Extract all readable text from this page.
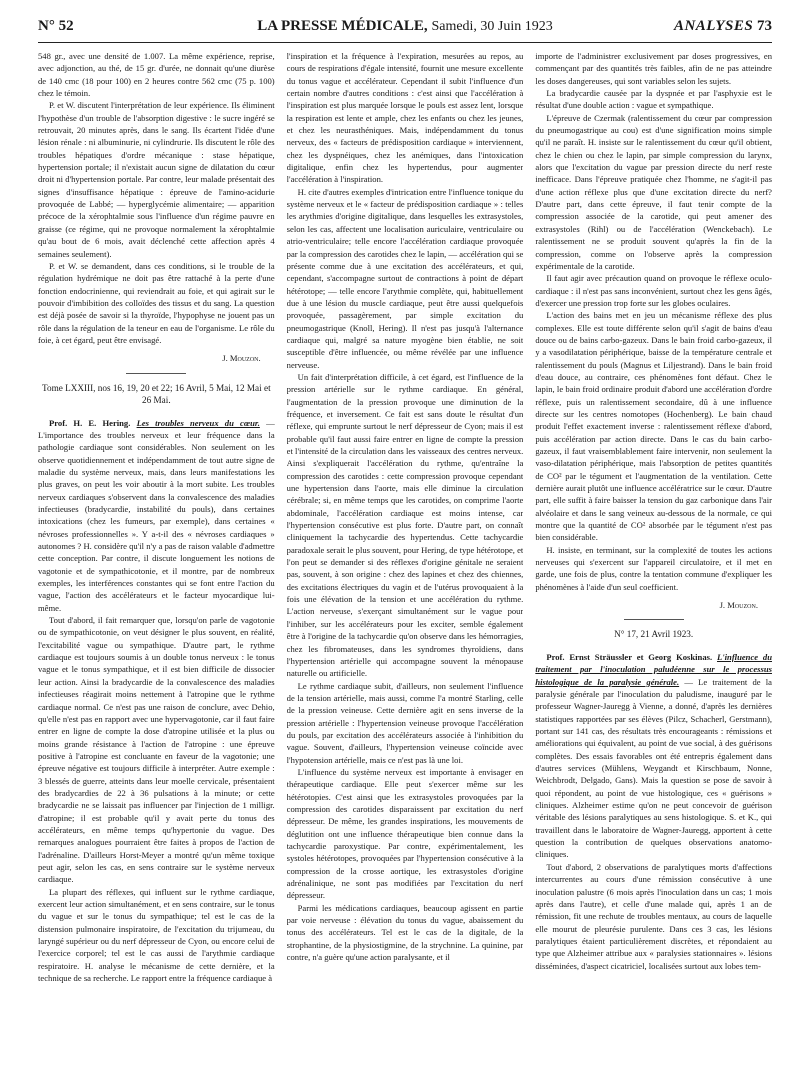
N° 52	LA PRESSE MÉDICALE, Samedi, 30 Juin 1923	ANALYSES 73

548 gr., avec une densité de 1.007. La même expérience, reprise, avec adjonction, au thé, de 15 gr. d'urée, ne donnait qu'une diurèse de 140 cmc (18 pour 100) en 2 heures contre 562 cmc (75 p. 100) chez le témoin.

P. et W. discutent l'interprétation de leur expérience. Ils éliminent l'hypothèse d'un trouble de l'absorption digestive : le sucre ingéré se retrouvait, 20 minutes après, dans le sang. Ils écartent l'idée d'une lésion rénale : ni albuminurie, ni cylindrurie. Ils discutent le rôle des troubles hépatiques d'ordre mécanique : stase hépatique, hypertension portale; il n'existait aucun signe de dilatation du cœur droit ni d'hypertension portale. Par contre, leur malade présentait des signes d'insuffisance hépatique : épreuve de l'amino-acidurie provoquée de Labbé; — hyperglycémie alimentaire; — apparition précoce de la xérophtalmie sous l'influence d'un régime pauvre en graisse (ce régime, qui ne provoque normalement la xérophtalmie qu'au bout de 6 mois, avait déclenché cette affection après 4 semaines seulement).

P. et W. se demandent, dans ces conditions, si le trouble de la régulation hydrémique ne doit pas être rattaché à la perte d'une fonction endocrinienne, qui reviendrait au foie, et qui agirait sur le pouvoir d'imbibition des colloïdes des tissus et du sang. La question est déjà posée de savoir si la thyroïde, l'hypophyse ne jouent pas un rôle dans la régulation de la teneur en eau de l'organisme. Le rôle du foie, à cet égard, peut être envisagé.

J. Mouzon.

Tome LXXIII, nos 16, 19, 20 et 22; 16 Avril, 5 Mai, 12 Mai et 26 Mai.

Prof. H. E. Hering. Les troubles nerveux du cœur. — L'importance des troubles nerveux et leur fréquence dans la pathologie cardiaque sont considérables. Non seulement on les observe quotidiennement et indépendamment de tout autre signe de maladie du système nerveux, mais, dans leurs manifestations les plus graves, on peut les voir aboutir à la mort subite. Les troubles nerveux cardiaques s'observent dans la convalescence des maladies infectieuses (bradycardie, instabilité du pouls), dans certaines intoxications (chez les fumeurs, par exemple), dans certaines « névroses professionnelles ». Y a-t-il des « névroses cardiaques » autonomes ? H. considère qu'il n'y a pas de raison valable d'admettre cette conception. Par contre, il discute longuement les notions de vagotonie et de sympathicotonie, et il montre, par de nombreux exemples, les interférences constantes qui se font entre l'action du vague, l'action des accélérateurs et le facteur myocardique lui-même.

Tout d'abord, il fait remarquer que, lorsqu'on parle de vagotonie ou de sympathicotonie, on veut désigner le plus souvent, en réalité, l'excitabilité vague ou sympathique. D'autre part, le rythme cardiaque est toujours soumis à un double tonus nerveux : le tonus vague et le tonus sympathique, et il est bien difficile de dissocier leur action. Ainsi la bradycardie de la convalescence des maladies infectieuses réagirait moins nettement à l'atropine que le rythme cardiaque normal. Ce n'est pas une raison de conclure, avec Dehio, qu'elle n'est pas en rapport avec une hypervagotonie, car il faut faire entrer en ligne de compte la dose d'atropine utilisée et la plus ou moins grande résistance à l'action de l'atropine : une épreuve positive à l'atropine est concluante en faveur de la vagotonie; une épreuve négative est toujours difficile à interpréter. Autre exemple : 3 blessés de guerre, atteints dans leur moelle cervicale, présentaient des bradycardies de 22 à 36 pulsations à la minute; or cette bradycardie ne se laissait pas influencer par l'injection de 1 milligr. d'atropine; il est probable qu'il y avait perte du tonus des accélérateurs, en même temps qu'hypertonie du vague. Des remarques analogues pourraient être faites à propos de l'action de l'adrénaline. D'ailleurs Horst-Meyer a montré qu'un même toxique peut agir, selon les cas, en sens contraire sur le système nerveux cardiaque.

La plupart des réflexes, qui influent sur le rythme cardiaque, exercent leur action simultanément, et en sens contraire, sur le tonus du vague et sur le tonus du sympathique; tel est le cas de la distension pulmonaire inspiratoire, de l'excitation du trijumeau, du laryngé supérieur ou du nerf dépresseur de Cyon, ou encore celui de l'exercice corporel; tel est le cas aussi de l'arythmie cardiaque respiratoire. H. analyse le mécanisme de cette dernière, et la technique de sa recherche. Le rapport entre la fréquence cardiaque à

l'inspiration et la fréquence à l'expiration, mesurées au repos, au cours de respirations d'égale intensité, fournit une mesure excellente du tonus vague et accélérateur. Cependant il subit l'influence d'un certain nombre d'autres conditions : c'est ainsi que l'accélération à l'inspiration est plus marquée lorsque le pouls est assez lent, lorsque la respiration est lente et ample, chez les enfants ou chez les jeunes, et chez les neurasthéniques. Mais, indépendamment du tonus nerveux, des « facteurs de prédisposition cardiaque » interviennent, chez les dyspnéiques, chez les anémiques, dans l'intoxication digitalique, enfin chez les hypertendus, pour augmenter l'accélération à l'inspiration.

H. cite d'autres exemples d'intrication entre l'influence tonique du système nerveux et le « facteur de prédisposition cardiaque » : telles les arythmies d'origine digitalique, dans lesquelles les extrasystoles, selon les cas, affectent une localisation auriculaire, ventriculaire ou atrio-ventriculaire; telle encore l'accélération cardiaque provoquée par la compression des carotides chez le lapin, — accélération qui se présente comme due à une excitation des accélérateurs, et qui, cependant, s'accompagne surtout de contractions à point de départ hétérotope; — telle encore l'arythmie complète, qui, habituellement due à une lésion du muscle cardiaque, peut être aussi quelquefois provoquée, passagèrement, par simple excitation du pneumogastrique (Knoll, Hering). Il n'est pas jusqu'à l'alternance cardiaque qui, malgré sa nature myogène bien établie, ne soit susceptible d'être influencée, ou même révélée par une influence nerveuse.

Un fait d'interprétation difficile, à cet égard, est l'influence de la pression artérielle sur le rythme cardiaque. En général, l'augmentation de la pression provoque une diminution de la fréquence, et inversement. Ce fait est sans doute le résultat d'un réflexe, qui emprunte surtout le nerf dépresseur de Cyon; mais il est probable qu'il faut aussi faire entrer en ligne de compte la pression et l'intensité de la circulation dans les vaisseaux des centres nerveux. Ainsi s'expliquerait l'accélération du rythme, qu'entraîne la compression des carotides : cette compression provoque cependant une hypertension dans l'aorte, mais elle diminue la circulation cérébrale; si, en même temps que les carotides, on comprime l'aorte abdominale, l'accélération cardiaque est moins intense, car l'hypertension consécutive est plus forte. D'autre part, on connaît cliniquement la tachycardie des hypertendus. Cette tachycardie paradoxale serait le plus souvent, pour Hering, de type hétérotope, et l'on peut se demander si des réflexes d'origine génitale ne seraient pas, souvent, à son origine : chez des lapines et chez des chiennes, des excitations électriques du vagin et de l'utérus provoquaient à la fois une élévation de la tension et une accélération du rythme. L'action nerveuse, s'exerçant simultanément sur le vague pour l'inhiber, sur les accélérateurs pour les exciter, semble également être à l'origine de la tachycardie qu'on observe dans les hémorragies, chez les fibromateuses, dans les syndromes thyroïdiens, dans l'hypertension artérielle qui accompagne souvent la ménopause naturelle ou artificielle.

Le rythme cardiaque subit, d'ailleurs, non seulement l'influence de la tension artérielle, mais aussi, comme l'a montré Starling, celle de la pression veineuse. Cette dernière agit en sens inverse de la pression artérielle : l'hypertension veineuse provoque l'accélération du pouls, par excitation des accélérateurs associée à l'inhibition du vague. Souvent, d'ailleurs, l'hypertension veineuse coïncide avec l'hypotension artérielle, mais ce n'est pas là une loi.

L'influence du système nerveux est importante à envisager en thérapeutique cardiaque. Elle peut s'exercer même sur les hétérotopies. C'est ainsi que les extrasystoles provoquées par la compression des carotides disparaissent par excitation du nerf dépresseur. De même, les grandes inspirations, les mouvements de déglutition ont une influence thérapeutique bien connue dans la tachycardie paroxystique. Par contre, expérimentalement, les systoles hétérotopes, provoquées par l'hypertension consécutive à la compression de la crosse aortique, les extrasystoles d'origine adrénalinique, ne sont pas modifiées par l'excitation du nerf dépresseur.

Parmi les médications cardiaques, beaucoup agissent en partie par voie nerveuse : élévation du tonus du vague, abaissement du tonus des accélérateurs. Tel est le cas de la digitale, de la strophantine, de la physiostigmine, de la strychnine. La quinine, par contre, n'a guère qu'une action paralysante, et il

importe de l'administrer exclusivement par doses progressives, en commençant par des quantités très faibles, afin de ne pas atteindre les doses dangereuses, qui sont variables selon les sujets.

La bradycardie causée par la dyspnée et par l'asphyxie est le résultat d'une double action : vague et sympathique.

L'épreuve de Czermak (ralentissement du cœur par compression du pneumogastrique au cou) est d'une signification moins simple qu'il ne paraît. H. insiste sur le ralentissement du cœur qu'il obtient, chez le chien ou chez le lapin, par simple compression du larynx, alors que l'excitation du vague par pression directe du nerf reste inefficace. Dans l'épreuve pratiquée chez l'homme, ne s'agit-il pas d'une action réflexe plus que d'une excitation directe du nerf? D'autre part, dans cette épreuve, il faut tenir compte de la compression associée de la carotide, qui peut amener des extrasystoles (Rihl) ou de l'accélération (Wenckebach). Le ralentissement ne se produit souvent qu'après la fin de la compression, comme on l'observe après la compression expérimentale de la carotide.

Il faut agir avec précaution quand on provoque le réflexe oculo-cardiaque : il n'est pas sans inconvénient, surtout chez les gens âgés, d'exercer une pression trop forte sur les globes oculaires.

L'action des bains met en jeu un mécanisme réflexe des plus complexes. Elle est toute différente selon qu'il s'agit de bains d'eau douce ou de bains carbo-gazeux. Dans le bain froid carbo-gazeux, il y a vasodilatation périphérique, baisse de la température centrale et ralentissement du pouls (Magnus et Liljestrand). Dans le bain froid d'eau douce, au contraire, ces phénomènes font défaut. Chez le lapin, le bain froid ordinaire produit d'abord une accélération d'ordre réflexe, puis un ralentissement secondaire, dû à une influence directe sur les centres nomotopes (Hochenberg). Le bain chaud produit l'effet exactement inverse : ralentissement réflexe d'abord, puis accélération par action directe. Dans le cas du bain carbo-gazeux, il faut vraisemblablement faire intervenir, non seulement la vaso-dilatation périphérique, mais l'absorption de petites quantités de CO² par le tégument et l'augmentation de la ventilation. Cette dernière aurait plutôt une influence accélératrice sur le cœur. D'autre part, elle suffit à faire baisser la tension du gaz carbonique dans l'air alvéolaire et dans le sang veineux au-dessous de la normale, ce qui montre que la quantité de CO² absorbée par le tégument n'est pas bien considérable.

H. insiste, en terminant, sur la complexité de toutes les actions nerveuses qui s'exercent sur l'appareil circulatoire, et il met en garde, une fois de plus, contre la tentation commune d'expliquer les phénomènes à l'aide d'un seul coefficient.

J. Mouzon.

N° 17, 21 Avril 1923.

Prof. Ernst Sträussler et Georg Koskinas. L'influence du traitement par l'inoculation paludéenne sur le processus histologique de la paralysie générale. — Le traitement de la paralysie générale par l'inoculation du paludisme, inauguré par le professeur Wagner-Jauregg à Vienne, a donné, d'après les dernières statistiques rapportées par ses élèves (Pilcz, Schacherl, Gerstmann), portant sur 141 cas, des résultats très encourageants : rémissions et améliorations qui équivalent, au point de vue social, à des guérisons complètes. Des essais favorables ont été entrepris également dans d'autres services (Mühlens, Weygandt et Kirschbaum, Nonne, Weichbrodt, Delgado, Gans). Mais la question se pose de savoir à quoi répondent, au point de vue histologique, ces « guérisons » cliniques. Alzheimer estime qu'on ne peut concevoir de guérison véritable des lésions paralytiques au sens histologique. S. et K., qui travaillent dans le laboratoire de Wagner-Jauregg, apportent à cette question la contribution de quelques observations anatomo-cliniques.

Tout d'abord, 2 observations de paralytiques morts d'affections intercurrentes au cours d'une rémission consécutive à une inoculation palustre (6 mois après l'inoculation dans un cas; 1 mois après dans l'autre), et celle d'une malade qui, après 1 an de rémission, fit une rechute de troubles mentaux, au cours de laquelle elle mourut de pleurésie purulente. Dans ces 3 cas, les lésions paralytiques étaient particulièrement discrètes, et répondaient au type que Alzheimer attribue aux « paralysies stationnaires ». lésions disséminées, d'aspect cicatriciel, localisées surtout aux lobes tem-
